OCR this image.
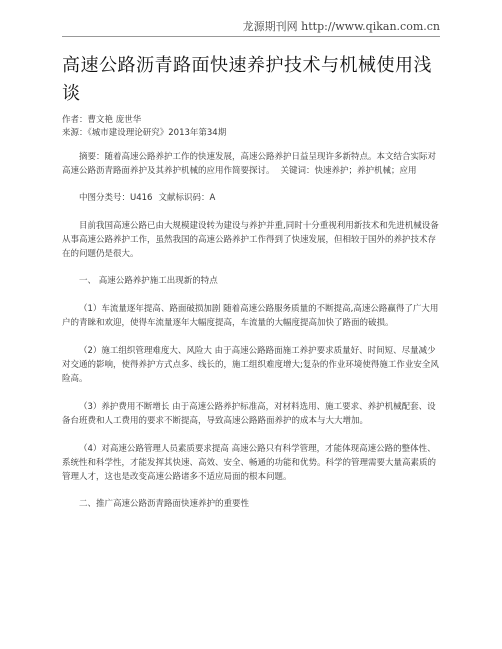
龙源期刊网 http://www.qikan.com.cn
高速公路沥青路面快速养护技术与机械使用浅谈
作者：曹文艳 庞世华
来源：《城市建设理论研究》2013年第34期
摘要：随着高速公路养护工作的快速发展，高速公路养护日益呈现许多新特点。本文结合实际对高速公路沥青路面养护及其养护机械的应用作简要探讨。 关键词：快速养护；养护机械；应用
中图分类号：U416 文献标识码：A

目前我国高速公路已由大规模建设转为建设与养护并重,同时十分重视利用新技术和先进机械设备从事高速公路养护工作，虽然我国的高速公路养护工作得到了快速发展，但相较于国外的养护技术存在的问题仍是很大。

一、 高速公路养护施工出现新的特点

（1）车流量逐年提高、路面破损加剧 随着高速公路服务质量的不断提高,高速公路赢得了广大用户的青睐和欢迎，使得车流量逐年大幅度提高，车流量的大幅度提高加快了路面的破损。

（2）施工组织管理难度大、风险大 由于高速公路路面施工养护要求质量好、时间短、尽量减少对交通的影响，使得养护方式点多、线长的，施工组织难度增大;复杂的作业环境使得施工作业安全风险高。

（3）养护费用不断增长 由于高速公路养护标准高，对材料选用、施工要求、养护机械配套、设备台班费和人工费用的要求不断提高，导致高速公路路面养护的成本与大大增加。

（4）对高速公路管理人员素质要求提高 高速公路只有科学管理，才能体现高速公路的整体性、系统性和科学性，才能发挥其快速、高效、安全、畅通的功能和优势。科学的管理需要大量高素质的管理人才，这也是改变高速公路诸多不适应局面的根本问题。

二、推广高速公路沥青路面快速养护的重要性
